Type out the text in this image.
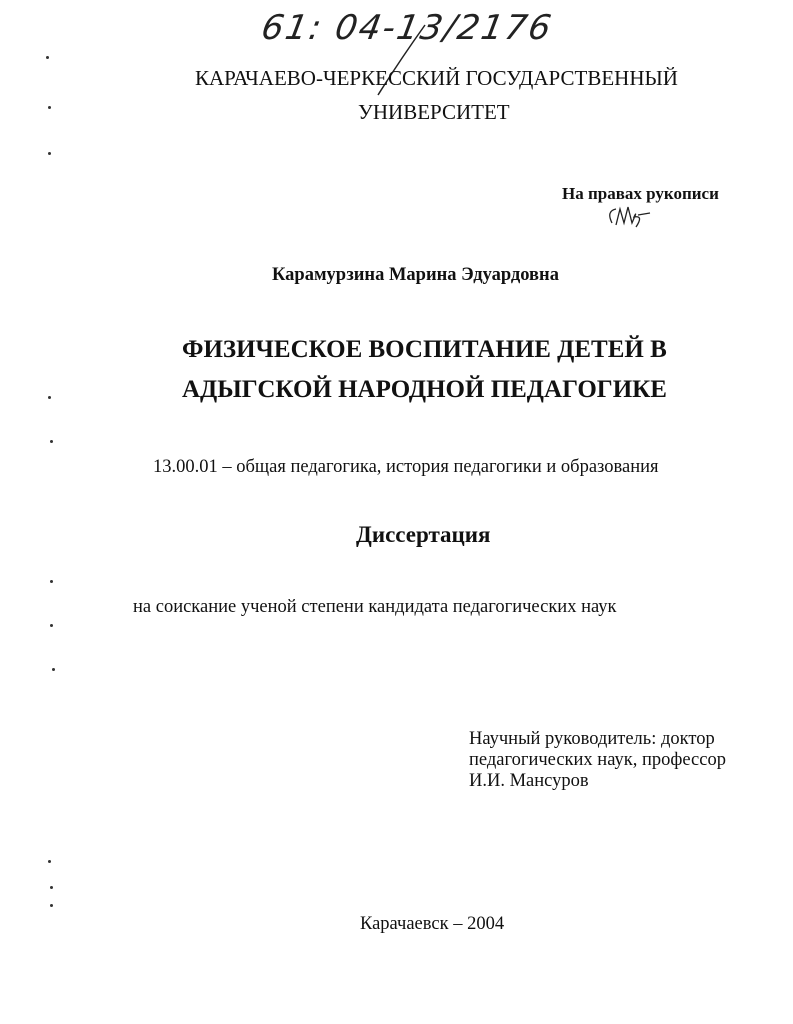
61: 04-13/2176
КАРАЧАЕВО-ЧЕРКЕССКИЙ ГОСУДАРСТВЕННЫЙ
УНИВЕРСИТЕТ
На правах рукописи
Карамурзина Марина Эдуардовна
ФИЗИЧЕСКОЕ ВОСПИТАНИЕ ДЕТЕЙ В
АДЫГСКОЙ НАРОДНОЙ ПЕДАГОГИКЕ
13.00.01 – общая педагогика, история педагогики и образования
Диссертация
на соискание ученой степени кандидата педагогических наук
Научный руководитель: доктор
педагогических наук, профессор
И.И. Мансуров
Карачаевск – 2004
